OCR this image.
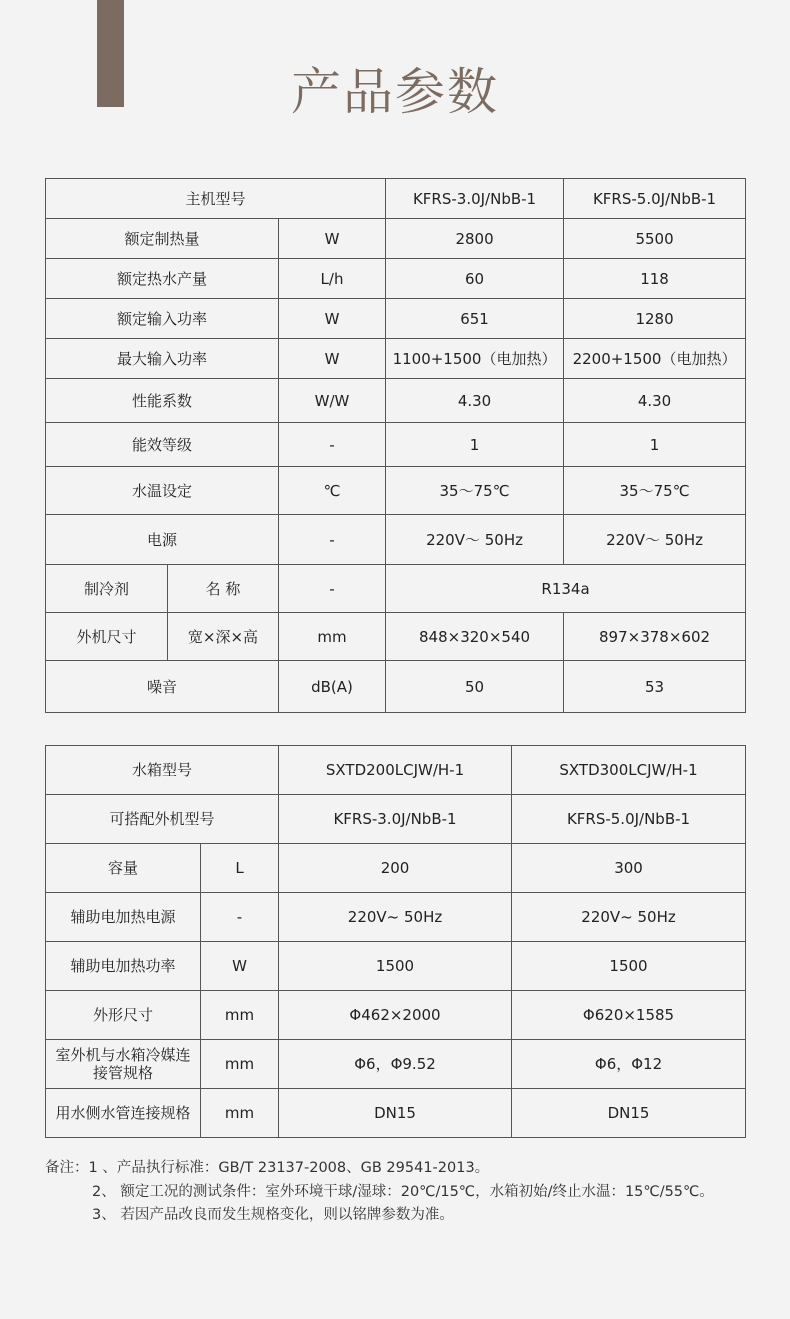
产品参数
主机型号			KFRS-3.0J/NbB-1	KFRS-5.0J/NbB-1
额定制热量		W	2800	5500
额定热水产量		L/h	60	118
额定输入功率		W	651	1280
最大输入功率		W	1100+1500（电加热）	2200+1500（电加热）
性能系数		W/W	4.30	4.30
能效等级		-	1	1
水温设定		℃	35～75℃	35～75℃
电源		-	220V～ 50Hz	220V～ 50Hz
制冷剂	名 称	-	R134a	
外机尺寸	宽×深×高	mm	848×320×540	897×378×602
噪音		dB(A)	50	53
水箱型号		SXTD200LCJW/H-1	SXTD300LCJW/H-1
可搭配外机型号		KFRS-3.0J/NbB-1	KFRS-5.0J/NbB-1
容量	L	200	300
辅助电加热电源	-	220V~ 50Hz	220V~ 50Hz
辅助电加热功率	W	1500	1500
外形尺寸	mm	Φ462×2000	Φ620×1585
室外机与水箱冷媒连接管规格	mm	Φ6，Φ9.52	Φ6，Φ12
用水侧水管连接规格	mm	DN15	DN15
备注：1 、产品执行标准：GB/T 23137-2008、GB 29541-2013。
2、 额定工况的测试条件：室外环境干球/湿球：20℃/15℃，水箱初始/终止水温：15℃/55℃。
3、 若因产品改良而发生规格变化，则以铭牌参数为准。
